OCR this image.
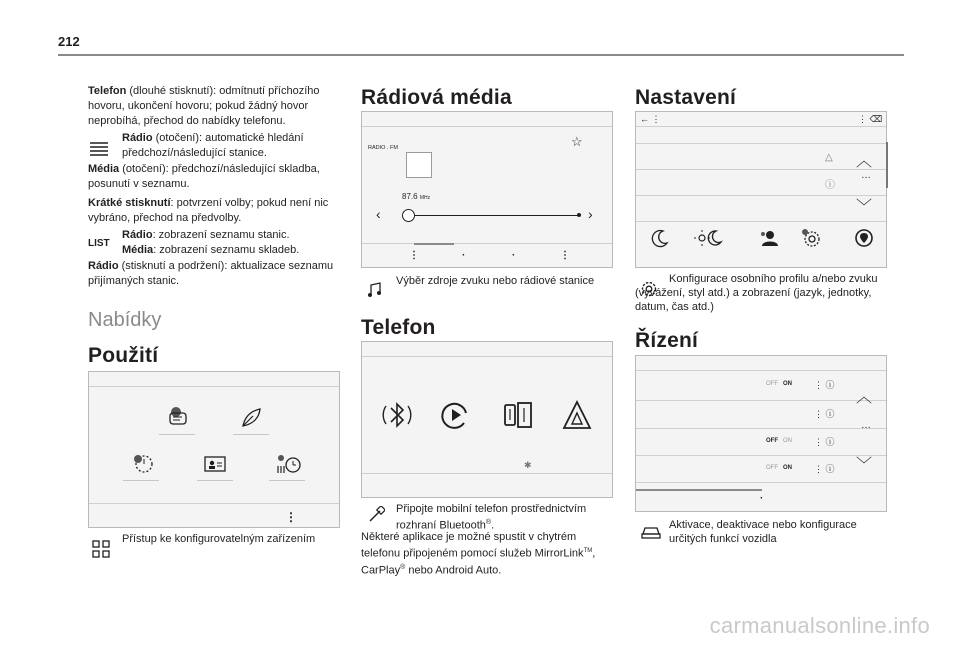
212
Telefon (dlouhé stisknutí): odmítnutí příchozího hovoru, ukončení hovoru; pokud žádný hovor neprobíhá, přechod do nabídky telefonu.
Rádio (otočení): automatické hledání předchozí/následující stanice.
Média (otočení): předchozí/následující skladba, posunutí v seznamu.
Krátké stisknutí: potvrzení volby; pokud není nic vybráno, přechod na předvolby.
LIST
Rádio: zobrazení seznamu stanic.
Média: zobrazení seznamu skladeb.
Rádio (stisknutí a podržení): aktualizace seznamu přijímaných stanic.
Nabídky
Použití
⋮
Přístup ke konfigurovatelným zařízením
Rádiová média
RADIO . FM	☆
87.6 MHz
‹	›
⋮	·	·	⋮
Výběr zdroje zvuku nebo rádiové stanice
Telefon
✱
Připojte mobilní telefon prostřednictvím rozhraní Bluetooth®.
Některé aplikace je možné spustit v chytrém telefonu připojeném pomocí služeb MirrorLink™, CarPlay® nebo Android Auto.
Nastavení
← ⋮	⋮ ⌫
△
ⓘ
︿
…
﹀
Konfigurace osobního profilu a/nebo zvuku (vyvážení, styl atd.) a zobrazení (jazyk, jednotky, datum, čas atd.)
Řízení
OFF ON ⋮ ⓘ
⋮ ⓘ
OFF ON ⋮ ⓘ
OFF ON ⋮ ⓘ
︿
…
﹀
·
Aktivace, deaktivace nebo konfigurace určitých funkcí vozidla
carmanualsonline.info
